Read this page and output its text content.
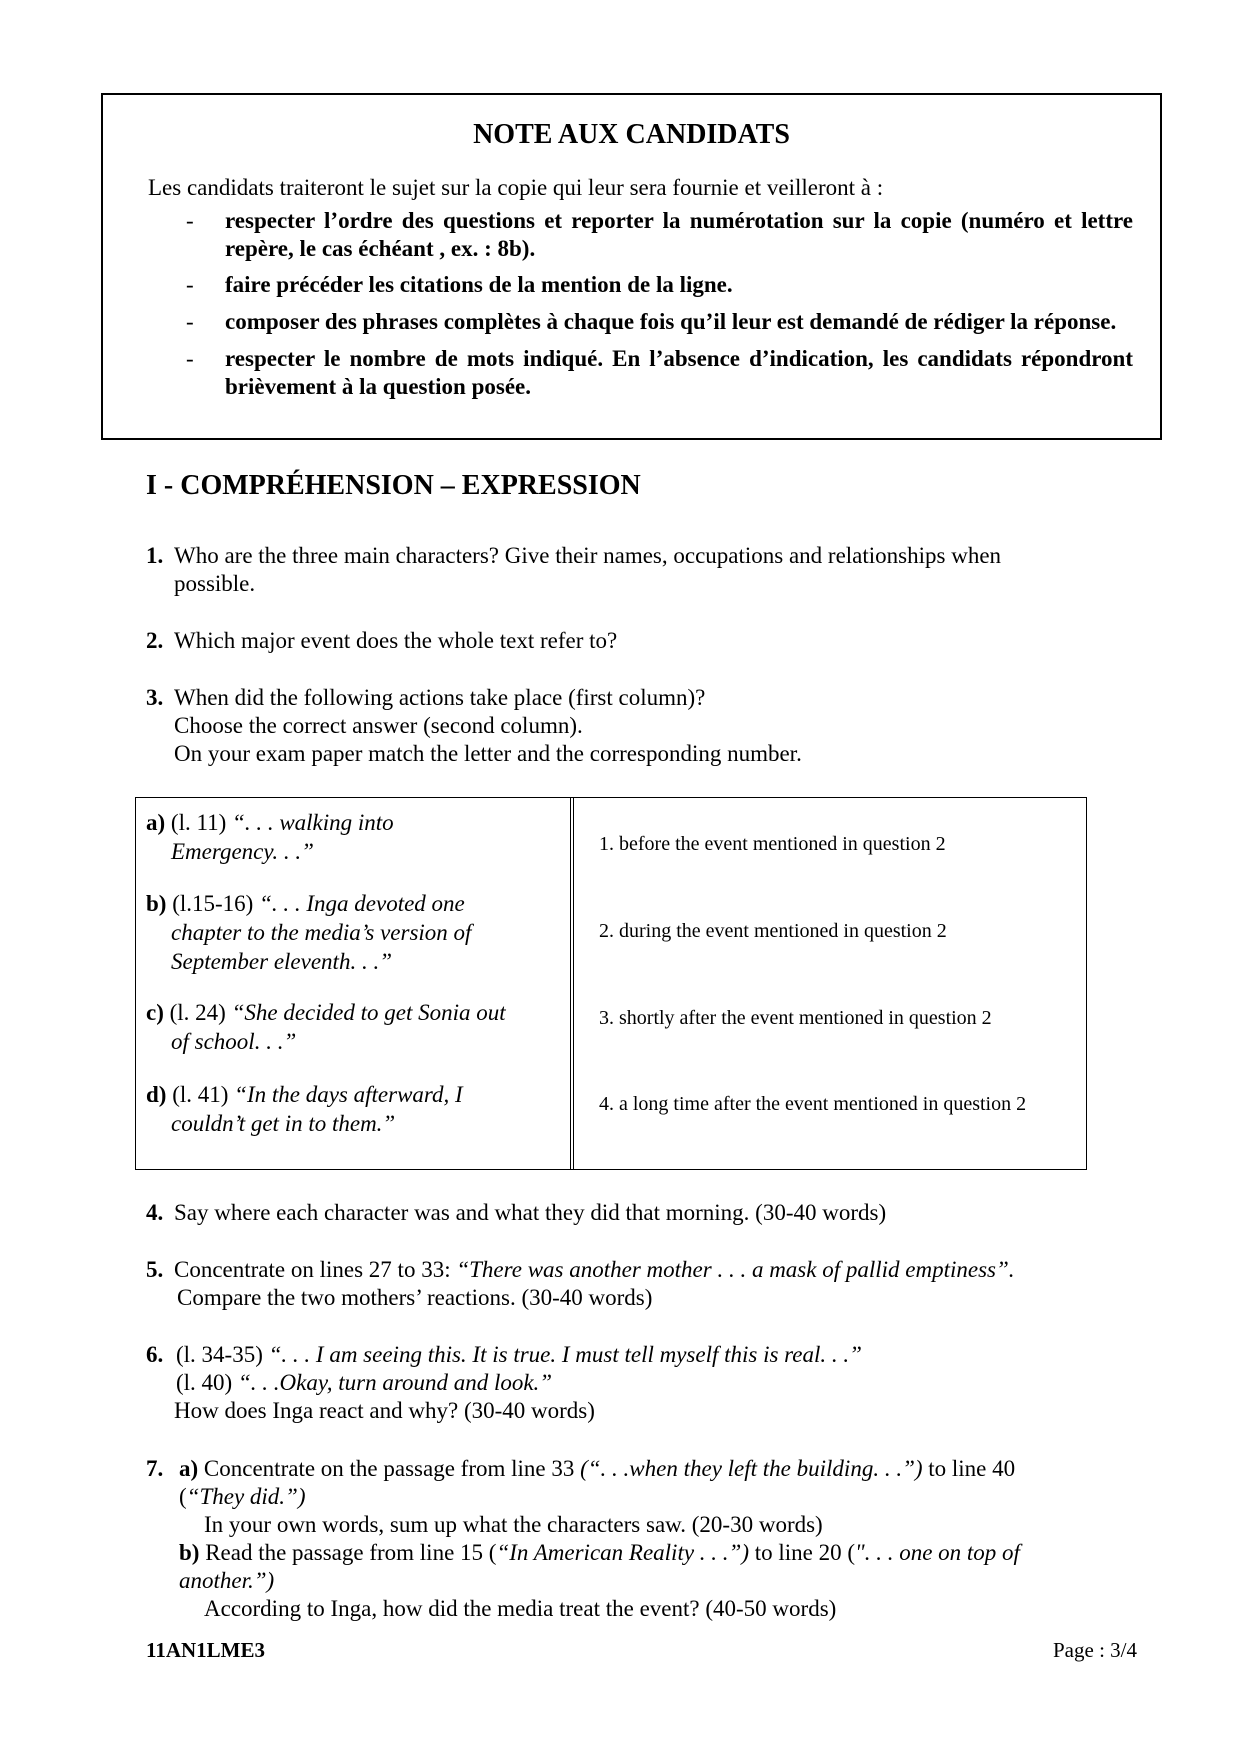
NOTE AUX CANDIDATS
Les candidats traiteront le sujet sur la copie qui leur sera fournie et veilleront à :
- respecter l’ordre des questions et reporter la numérotation sur la copie (numéro et lettre repère, le cas échéant , ex. : 8b).
- faire précéder les citations de la mention de la ligne.
- composer des phrases complètes à chaque fois qu’il leur est demandé de rédiger la réponse.
- respecter le nombre de mots indiqué. En l’absence d’indication, les candidats répondront brièvement à la question posée.
I - COMPRÉHENSION – EXPRESSION
1. Who are the three main characters? Give their names, occupations and relationships when
possible.
2. Which major event does the whole text refer to?
3. When did the following actions take place (first column)?
Choose the correct answer (second column).
On your exam paper match the letter and the corresponding number.
a) (l. 11) “. . . walking into
Emergency. . .”
b) (l.15-16) “. . . Inga devoted one
chapter to the media’s version of
September eleventh. . .”
c) (l. 24) “She decided to get Sonia out
of school. . .”
d) (l. 41) “In the days afterward, I
couldn’t get in to them.”
1. before the event mentioned in question 2
2. during the event mentioned in question 2
3. shortly after the event mentioned in question 2
4. a long time after the event mentioned in question 2
4. Say where each character was and what they did that morning. (30-40 words)
5. Concentrate on lines 27 to 33: “There was another mother . . . a mask of pallid emptiness”.
Compare the two mothers’ reactions. (30-40 words)
6. (l. 34-35) “. . . I am seeing this. It is true. I must tell myself this is real. . .”
(l. 40) “. . .Okay, turn around and look.”
How does Inga react and why? (30-40 words)
7. a) Concentrate on the passage from line 33 (“. . .when they left the building. . .”) to line 40
(“They did.”)
In your own words, sum up what the characters saw. (20-30 words)
b) Read the passage from line 15 (“In American Reality . . .”) to line 20 (". . . one on top of
another.”)
According to Inga, how did the media treat the event? (40-50 words)
11AN1LME3	Page : 3/4
